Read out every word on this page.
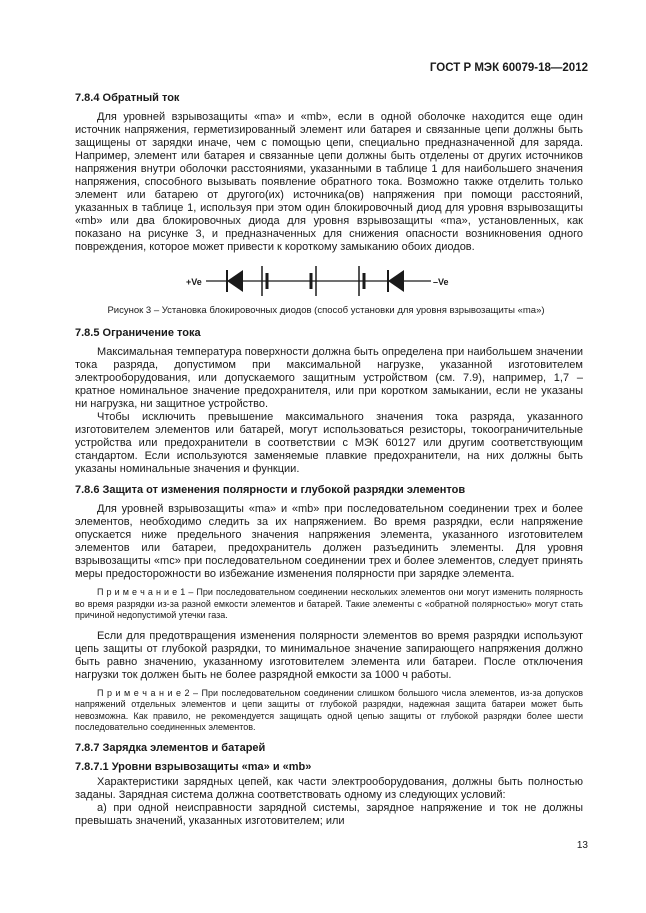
ГОСТ Р МЭК 60079-18—2012
7.8.4 Обратный ток

Для уровней взрывозащиты «ma» и «mb», если в одной оболочке находится еще один источник напряжения, герметизированный элемент или батарея и связанные цепи должны быть защищены от зарядки иначе, чем с помощью цепи, специально предназначенной для заряда. Например, элемент или батарея и связанные цепи должны быть отделены от других источников напряжения внутри оболочки расстояниями, указанными в таблице 1 для наибольшего значения напряжения, способного вызывать появление обратного тока. Возможно также отделить только элемент или батарею от другого(их) источника(ов) напряжения при помощи расстояний, указанных в таблице 1, используя при этом один блокировочный диод для уровня взрывозащиты «mb» или два блокировочных диода для уровня взрывозащиты «ma», установленных, как показано на рисунке 3, и предназначенных для снижения опасности возникновения одного повреждения, которое может привести к короткому замыканию обоих диодов.

+Ve	–Ve
Рисунок 3 – Установка блокировочных диодов (способ установки для уровня взрывозащиты «ma»)
7.8.5 Ограничение тока

Максимальная температура поверхности должна быть определена при наибольшем значении тока разряда, допустимом при максимальной нагрузке, указанной изготовителем электрооборудования, или допускаемого защитным устройством (см. 7.9), например, 1,7 – кратное номинальное значение предохранителя, или при коротком замыкании, если не указаны ни нагрузка, ни защитное устройство.

Чтобы исключить превышение максимального значения тока разряда, указанного изготовителем элементов или батарей, могут использоваться резисторы, токоограничительные устройства или предохранители в соответствии с МЭК 60127 или другим соответствующим стандартом. Если используются заменяемые плавкие предохранители, на них должны быть указаны номинальные значения и функции.

7.8.6 Защита от изменения полярности и глубокой разрядки элементов

Для уровней взрывозащиты «ma» и «mb» при последовательном соединении трех и более элементов, необходимо следить за их напряжением. Во время разрядки, если напряжение опускается ниже предельного значения напряжения элемента, указанного изготовителем элементов или батареи, предохранитель должен разъединить элементы. Для уровня взрывозащиты «mc» при последовательном соединении трех и более элементов, следует принять меры предосторожности во избежание изменения полярности при зарядке элемента.

П р и м е ч а н и е 1 – При последовательном соединении нескольких элементов они могут изменить полярность во время разрядки из-за разной емкости элементов и батарей. Такие элементы с «обратной полярностью» могут стать причиной недопустимой утечки газа.

Если для предотвращения изменения полярности элементов во время разрядки используют цепь защиты от глубокой разрядки, то минимальное значение запирающего напряжения должно быть равно значению, указанному изготовителем элемента или батареи. После отключения нагрузки ток должен быть не более разрядной емкости за 1000 ч работы.

П р и м е ч а н и е 2 – При последовательном соединении слишком большого числа элементов, из-за допусков напряжений отдельных элементов и цепи защиты от глубокой разрядки, надежная защита батареи может быть невозможна. Как правило, не рекомендуется защищать одной цепью защиты от глубокой разрядки более шести последовательно соединенных элементов.

7.8.7 Зарядка элементов и батарей
7.8.7.1 Уровни взрывозащиты «ma» и «mb»

Характеристики зарядных цепей, как части электрооборудования, должны быть полностью заданы. Зарядная система должна соответствовать одному из следующих условий:

а) при одной неисправности зарядной системы, зарядное напряжение и ток не должны превышать значений, указанных изготовителем; или

13
